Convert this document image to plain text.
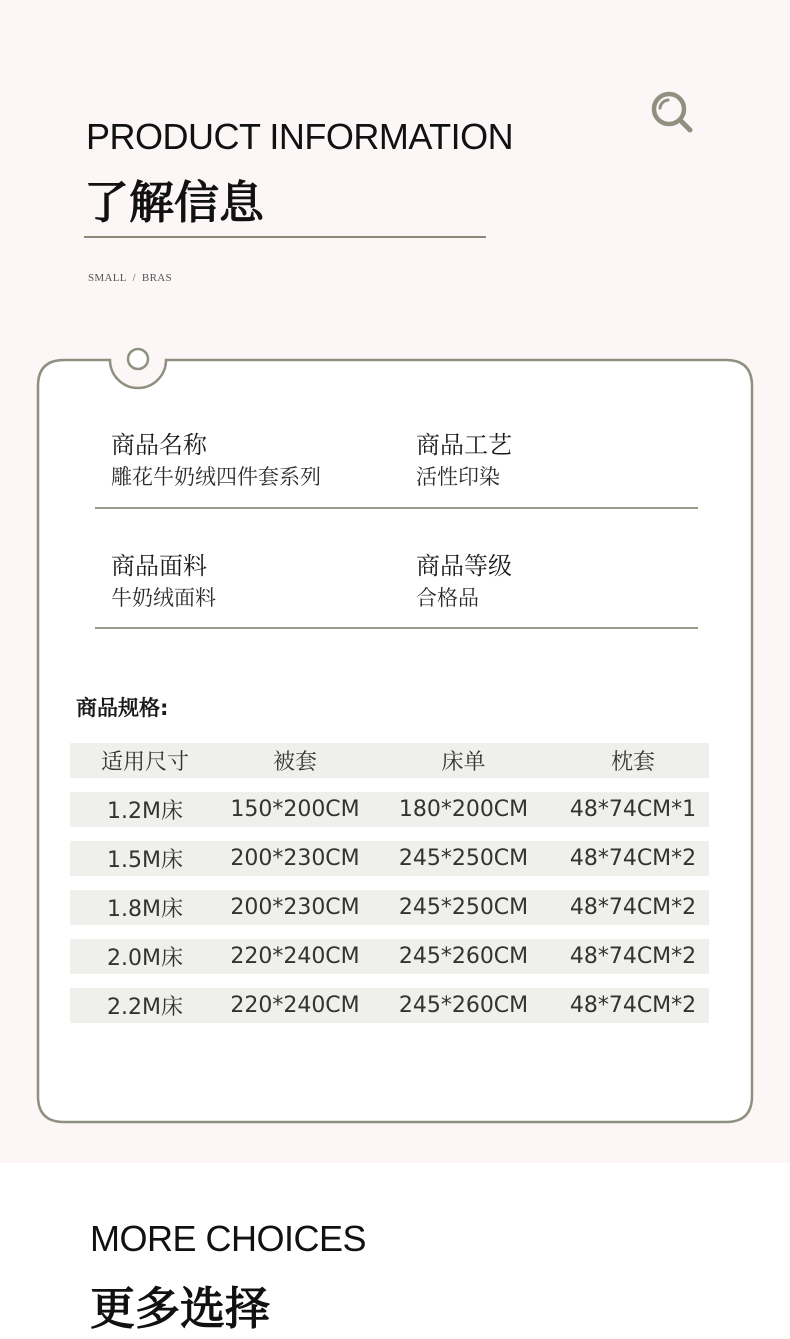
PRODUCT INFORMATION
了解信息
SMALL  /  BRAS
商品名称
雕花牛奶绒四件套系列
商品工艺
活性印染
商品面料
牛奶绒面料
商品等级
合格品
商品规格:
适用尺寸	被套	床单	枕套
1.2M床	150*200CM	180*200CM	48*74CM*1
1.5M床	200*230CM	245*250CM	48*74CM*2
1.8M床	200*230CM	245*250CM	48*74CM*2
2.0M床	220*240CM	245*260CM	48*74CM*2
2.2M床	220*240CM	245*260CM	48*74CM*2
MORE CHOICES
更多选择
